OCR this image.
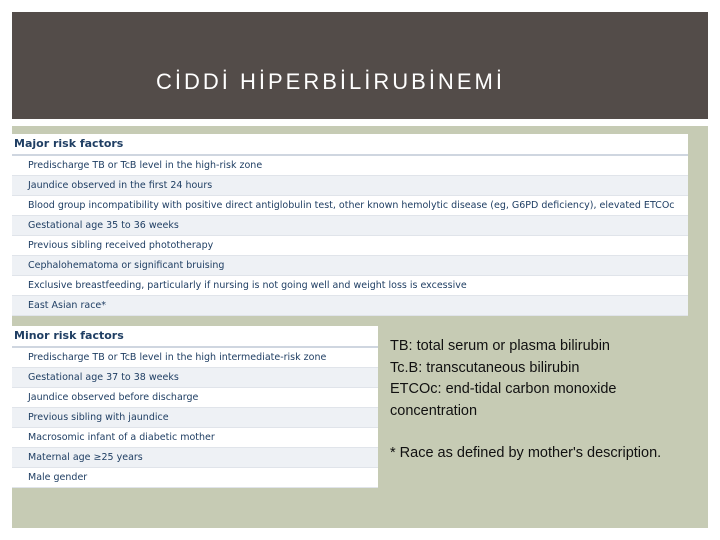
CİDDİ HİPERBİLİRUBİNEMİ
Major risk factors
Predischarge TB or TcB level in the high-risk zone
Jaundice observed in the first 24 hours
Blood group incompatibility with positive direct antiglobulin test, other known hemolytic disease (eg, G6PD deficiency), elevated ETCOc
Gestational age 35 to 36 weeks
Previous sibling received phototherapy
Cephalohematoma or significant bruising
Exclusive breastfeeding, particularly if nursing is not going well and weight loss is excessive
East Asian race*
Minor risk factors
Predischarge TB or TcB level in the high intermediate-risk zone
Gestational age 37 to 38 weeks
Jaundice observed before discharge
Previous sibling with jaundice
Macrosomic infant of a diabetic mother
Maternal age ≥25 years
Male gender

TB: total serum or plasma bilirubin

Tc.B: transcutaneous bilirubin

ETCOc: end-tidal carbon monoxide concentration

* Race as defined by mother's description.
